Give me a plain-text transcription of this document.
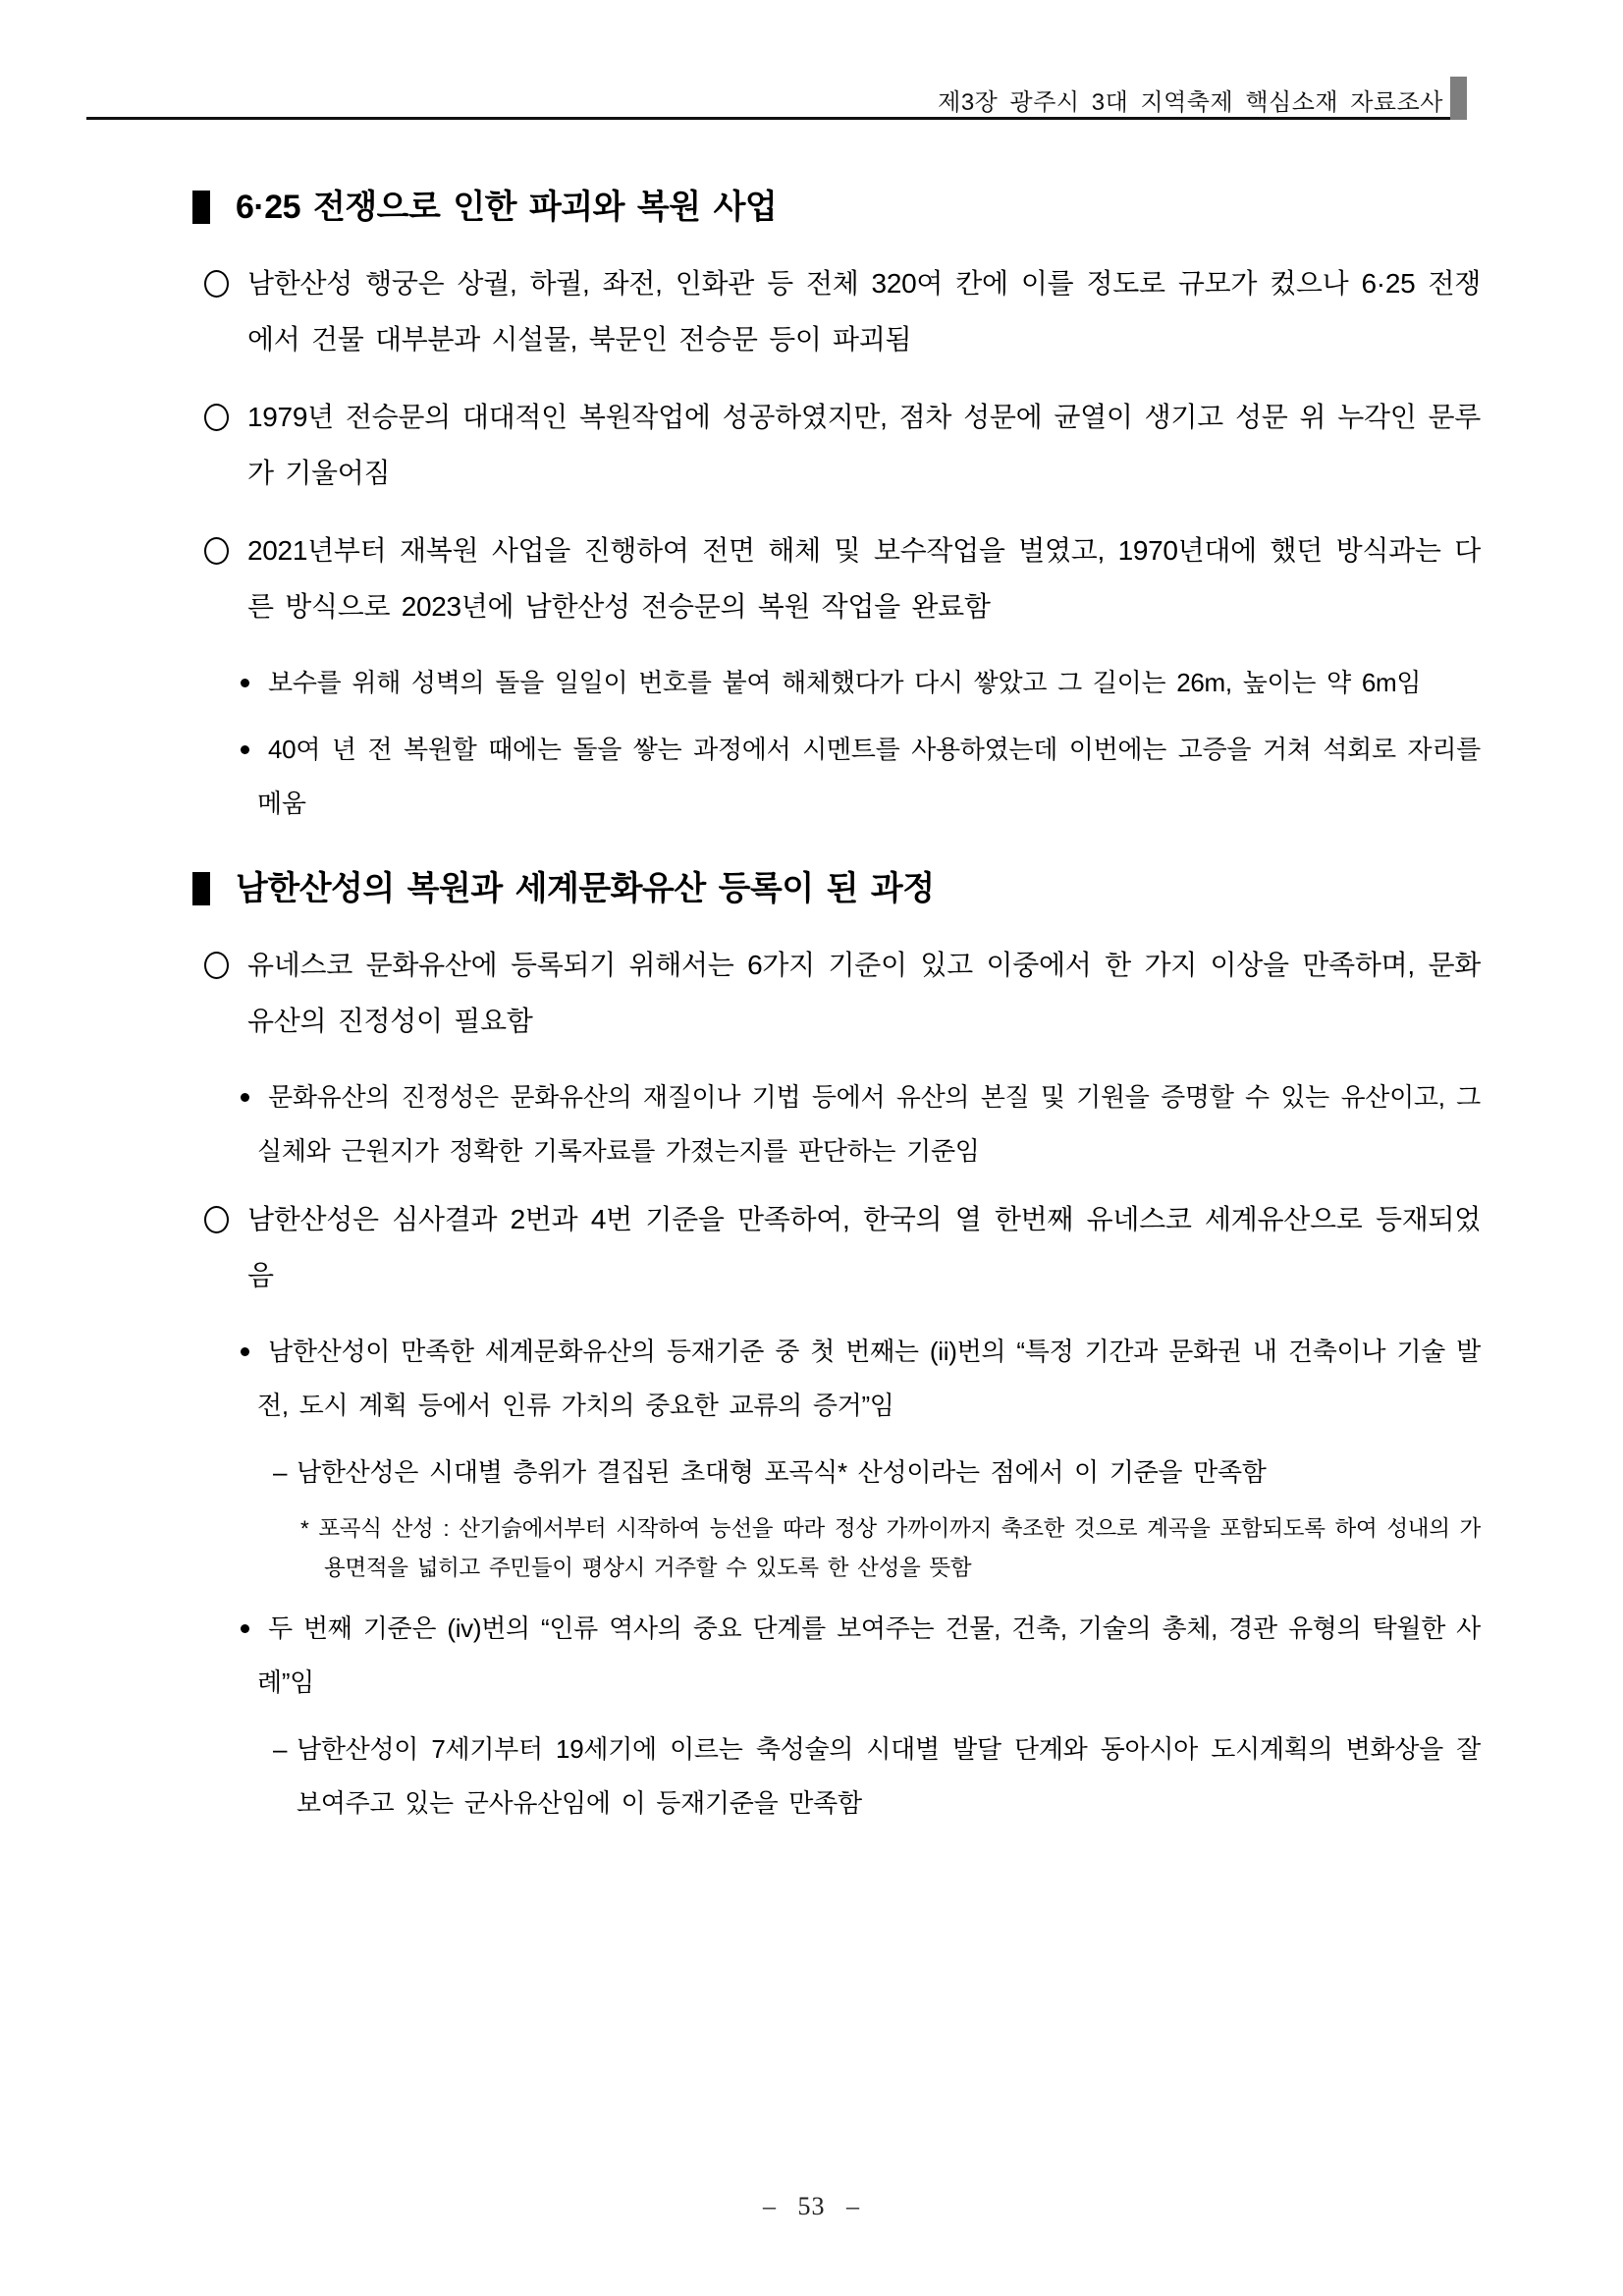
제3장 광주시 3대 지역축제 핵심소재 자료조사
6·25 전쟁으로 인한 파괴와 복원 사업
남한산성 행궁은 상궐, 하궐, 좌전, 인화관 등 전체 320여 칸에 이를 정도로 규모가 컸으나 6·25 전쟁에서 건물 대부분과 시설물, 북문인 전승문 등이 파괴됨
1979년 전승문의 대대적인 복원작업에 성공하였지만, 점차 성문에 균열이 생기고 성문 위 누각인 문루가 기울어짐
2021년부터 재복원 사업을 진행하여 전면 해체 및 보수작업을 벌였고, 1970년대에 했던 방식과는 다른 방식으로 2023년에 남한산성 전승문의 복원 작업을 완료함
보수를 위해 성벽의 돌을 일일이 번호를 붙여 해체했다가 다시 쌓았고 그 길이는 26m, 높이는 약 6m임
40여 년 전 복원할 때에는 돌을 쌓는 과정에서 시멘트를 사용하였는데 이번에는 고증을 거쳐 석회로 자리를 메움
남한산성의 복원과 세계문화유산 등록이 된 과정
유네스코 문화유산에 등록되기 위해서는 6가지 기준이 있고 이중에서 한 가지 이상을 만족하며, 문화유산의 진정성이 필요함
문화유산의 진정성은 문화유산의 재질이나 기법 등에서 유산의 본질 및 기원을 증명할 수 있는 유산이고, 그 실체와 근원지가 정확한 기록자료를 가졌는지를 판단하는 기준임
남한산성은 심사결과 2번과 4번 기준을 만족하여, 한국의 열 한번째 유네스코 세계유산으로 등재되었음
남한산성이 만족한 세계문화유산의 등재기준 중 첫 번째는 (ii)번의 “특정 기간과 문화권 내 건축이나 기술 발전, 도시 계획 등에서 인류 가치의 중요한 교류의 증거”임
– 남한산성은 시대별 층위가 결집된 초대형 포곡식* 산성이라는 점에서 이 기준을 만족함
* 포곡식 산성 : 산기슭에서부터 시작하여 능선을 따라 정상 가까이까지 축조한 것으로 계곡을 포함되도록 하여 성내의 가용면적을 넓히고 주민들이 평상시 거주할 수 있도록 한 산성을 뜻함
두 번째 기준은 (iv)번의 “인류 역사의 중요 단계를 보여주는 건물, 건축, 기술의 총체, 경관 유형의 탁월한 사례”임
– 남한산성이 7세기부터 19세기에 이르는 축성술의 시대별 발달 단계와 동아시아 도시계획의 변화상을 잘 보여주고 있는 군사유산임에 이 등재기준을 만족함
– 53 –
